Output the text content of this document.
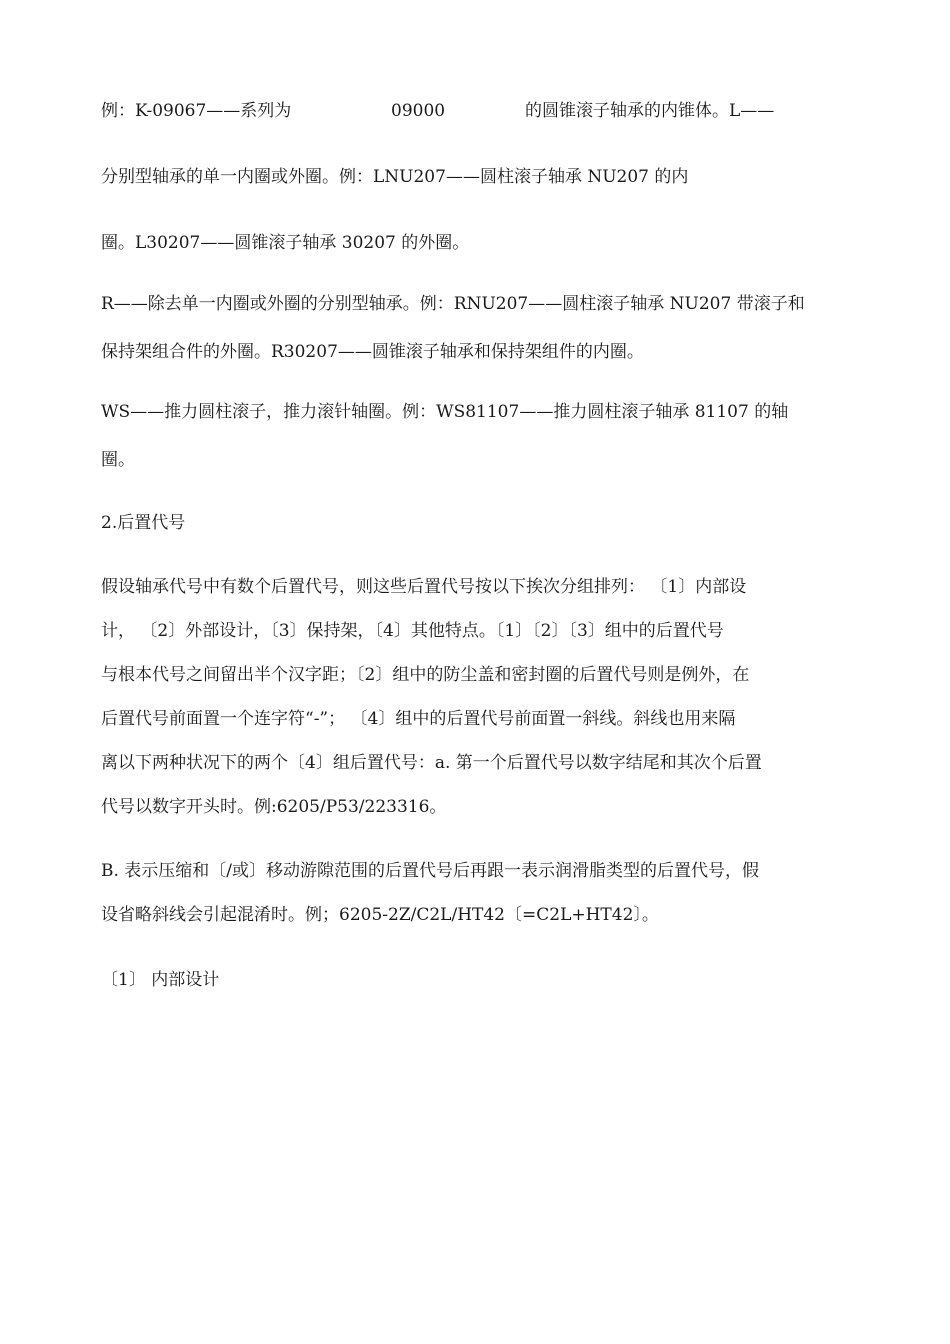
例：K-09067——系列为	09000	的圆锥滚子轴承的内锥体。L——
分别型轴承的单一内圈或外圈。例：LNU207——圆柱滚子轴承 NU207 的内
圈。L30207——圆锥滚子轴承 30207 的外圈。
R——除去单一内圈或外圈的分别型轴承。例：RNU207——圆柱滚子轴承 NU207 带滚子和
保持架组合件的外圈。R30207——圆锥滚子轴承和保持架组件的内圈。
WS——推力圆柱滚子，推力滚针轴圈。例：WS81107——推力圆柱滚子轴承 81107 的轴
圈。
2.后置代号
假设轴承代号中有数个后置代号，则这些后置代号按以下挨次分组排列： 〔1〕内部设
计， 〔2〕外部设计，〔3〕保持架，〔4〕其他特点。〔1〕〔2〕〔3〕组中的后置代号
与根本代号之间留出半个汉字距；〔2〕组中的防尘盖和密封圈的后置代号则是例外，在
后置代号前面置一个连字符“-”； 〔4〕组中的后置代号前面置一斜线。斜线也用来隔
离以下两种状况下的两个〔4〕组后置代号：a. 第一个后置代号以数字结尾和其次个后置
代号以数字开头时。例:6205/P53/223316。
B. 表示压缩和〔/或〕移动游隙范围的后置代号后再跟一表示润滑脂类型的后置代号，假
设省略斜线会引起混淆时。例；6205-2Z/C2L/HT42〔=C2L+HT42〕。
〔1〕 内部设计
